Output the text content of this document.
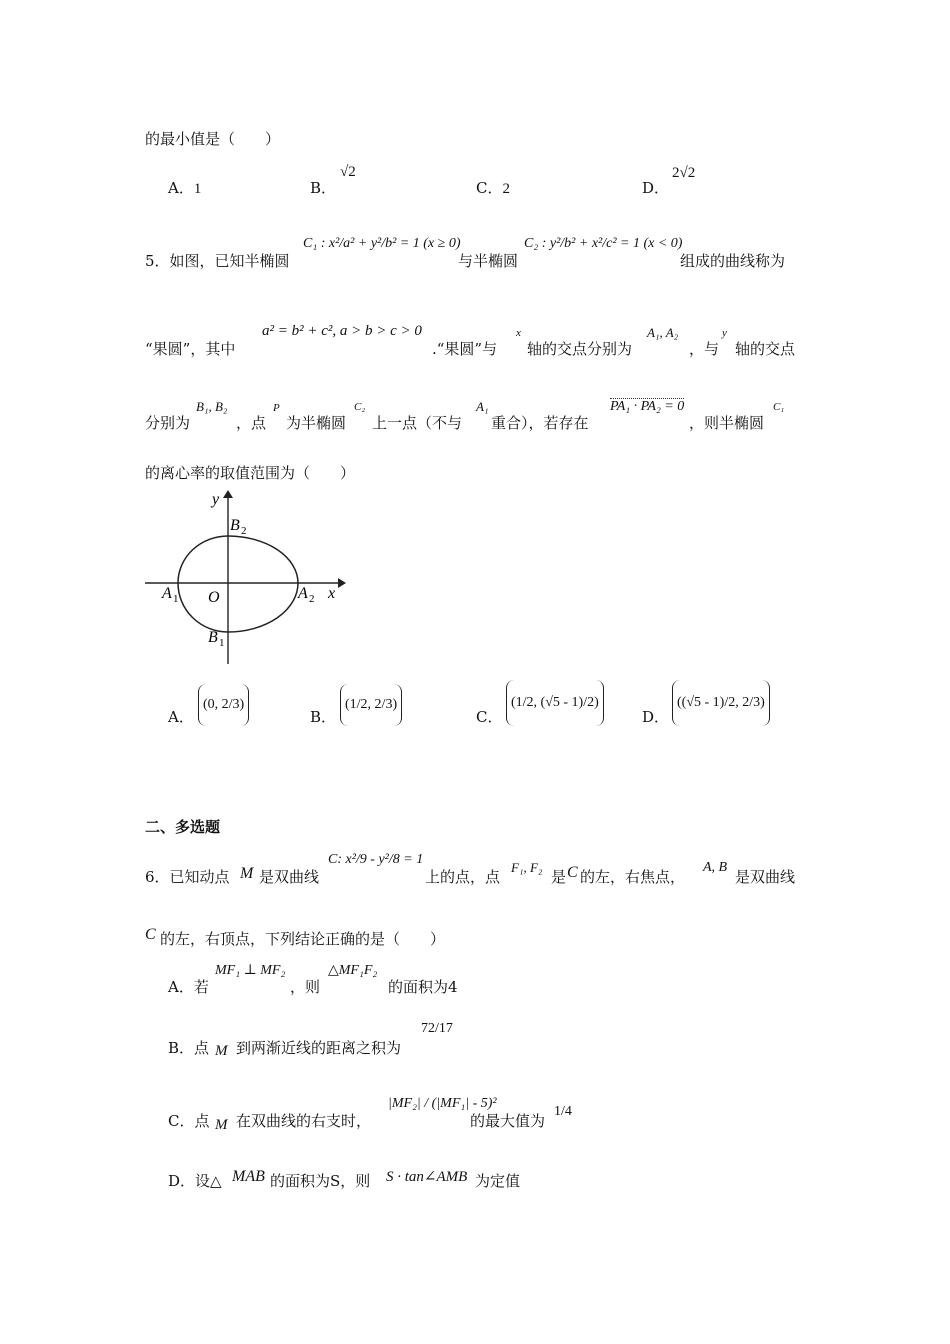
的最小值是（　　）
A．1	B．
√2
C．2	D．
2√2
5．如图，已知半椭圆
C₁ : x²/a² + y²/b² = 1 (x ≥ 0)
与半椭圆
C₂ : y²/b² + x²/c² = 1 (x < 0)
组成的曲线称为
“果圆”，其中
a² = b² + c², a > b > c > 0
.“果圆”与
x
轴的交点分别为
A₁, A₂
，与
y
轴的交点
分别为
B₁, B₂
，点
P
为半椭圆
C₂
上一点（不与
A₁
重合），若存在
PA₁ · PA₂ = 0
，则半椭圆
C₁
的离心率的取值范围为（　　）
y
x
O
B 2
B 1
A 1	A 2
A．
(0, 2/3)
B．
(1/2, 2/3)
C．
(1/2, (√5 - 1)/2)
D．
((√5 - 1)/2, 2/3)
二、多选题
6．已知动点 M 是双曲线
C: x²/9 - y²/8 = 1
上的点，点
F₁, F₂
是 C 的左，右焦点，
A, B
是双曲线
C 的左，右顶点，下列结论正确的是（　　）
A．若
MF₁ ⊥ MF₂
，则
△MF₁F₂
的面积为4
B．点 M 到两渐近线的距离之积为
72/17
C．点 M 在双曲线的右支时，
|MF₂| / (|MF₁| - 5)²
的最大值为
1/4
D．设△ MAB 的面积为S，则 S · tan∠AMB 为定值
